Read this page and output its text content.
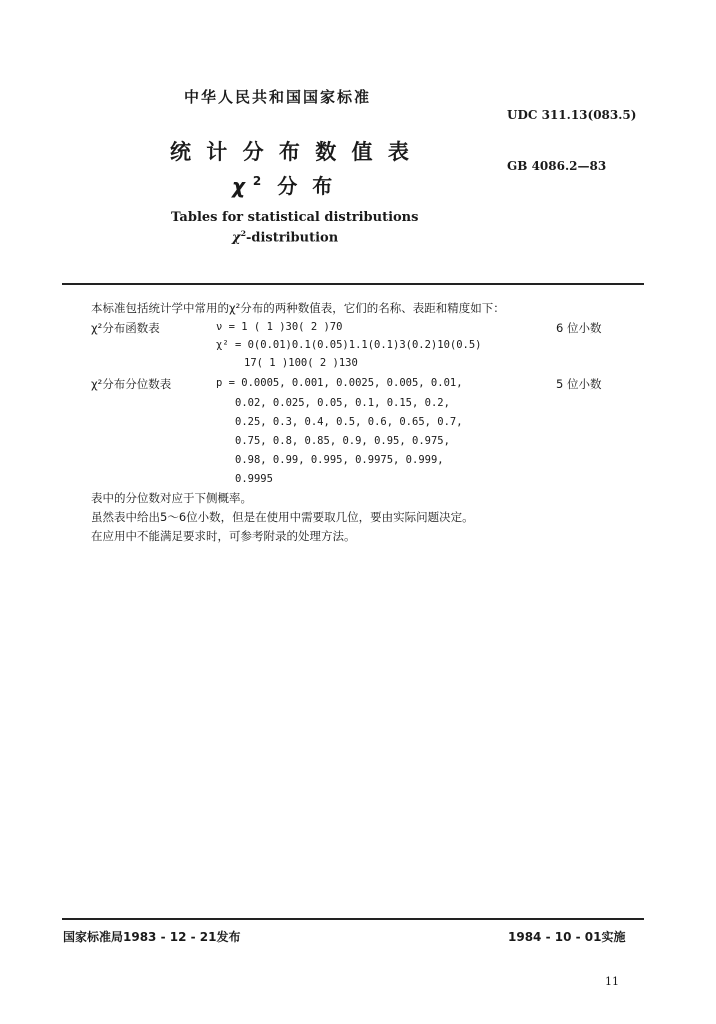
中华人民共和国国家标准
UDC 311.13(083.5)
统 计 分 布 数 值 表
GB 4086.2—83
χ $^2$ 分 布
Tables for statistical distributions
$\chi^2$-distribution
本标准包括统计学中常用的χ²分布的两种数值表，它们的名称、表距和精度如下：
χ²分布函数表	ν = 1 ( 1 )30( 2 )70	6 位小数
χ² = 0(0.01)0.1(0.05)1.1(0.1)3(0.2)10(0.5)
17( 1 )100( 2 )130
χ²分布分位数表	p = 0.0005, 0.001, 0.0025, 0.005, 0.01,	5 位小数
0.02, 0.025, 0.05, 0.1, 0.15, 0.2,
0.25, 0.3, 0.4, 0.5, 0.6, 0.65, 0.7,
0.75, 0.8, 0.85, 0.9, 0.95, 0.975,
0.98, 0.99, 0.995, 0.9975, 0.999,
0.9995
表中的分位数对应于下侧概率。
虽然表中给出5～6位小数，但是在使用中需要取几位，要由实际问题决定。
在应用中不能满足要求时，可参考附录的处理方法。
国家标准局1983 - 12 - 21发布	1984 - 10 - 01实施
11
